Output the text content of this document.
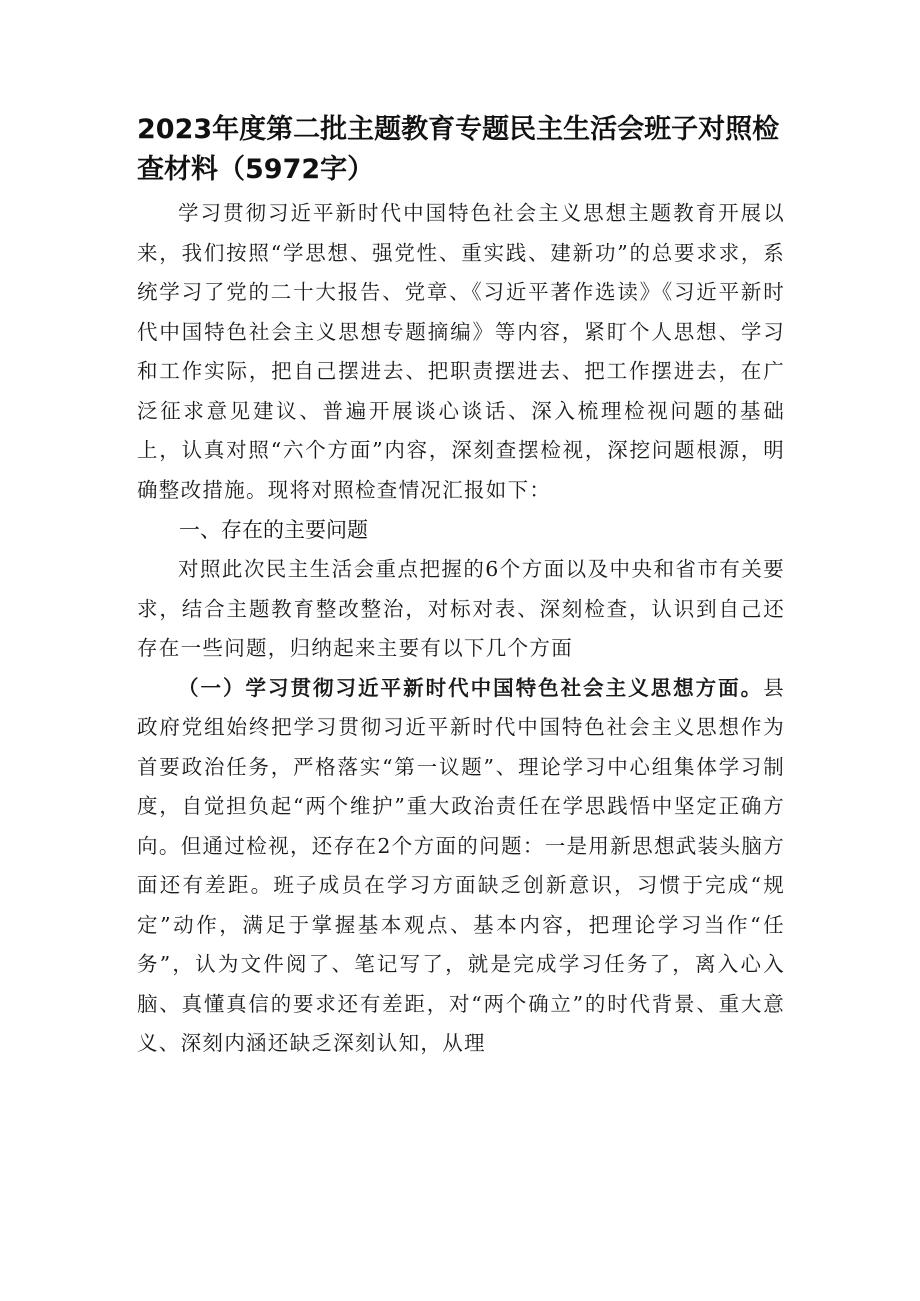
2023年度第二批主题教育专题民主生活会班子对照检查材料（5972字）

学习贯彻习近平新时代中国特色社会主义思想主题教育开展以来，我们按照“学思想、强党性、重实践、建新功”的总要求求，系统学习了党的二十大报告、党章、《习近平著作选读》《习近平新时代中国特色社会主义思想专题摘编》等内容，紧盯个人思想、学习和工作实际，把自己摆进去、把职责摆进去、把工作摆进去，在广泛征求意见建议、普遍开展谈心谈话、深入梳理检视问题的基础上，认真对照“六个方面”内容，深刻查摆检视，深挖问题根源，明确整改措施。现将对照检查情况汇报如下：

一、存在的主要问题

对照此次民主生活会重点把握的6个方面以及中央和省市有关要求，结合主题教育整改整治，对标对表、深刻检查，认识到自己还存在一些问题，归纳起来主要有以下几个方面

（一）学习贯彻习近平新时代中国特色社会主义思想方面。县政府党组始终把学习贯彻习近平新时代中国特色社会主义思想作为首要政治任务，严格落实“第一议题”、理论学习中心组集体学习制度，自觉担负起“两个维护”重大政治责任在学思践悟中坚定正确方向。但通过检视，还存在2个方面的问题：一是用新思想武装头脑方面还有差距。班子成员在学习方面缺乏创新意识，习惯于完成“规定”动作，满足于掌握基本观点、基本内容，把理论学习当作“任务”，认为文件阅了、笔记写了，就是完成学习任务了，离入心入脑、真懂真信的要求还有差距，对“两个确立”的时代背景、重大意义、深刻内涵还缺乏深刻认知，从理
